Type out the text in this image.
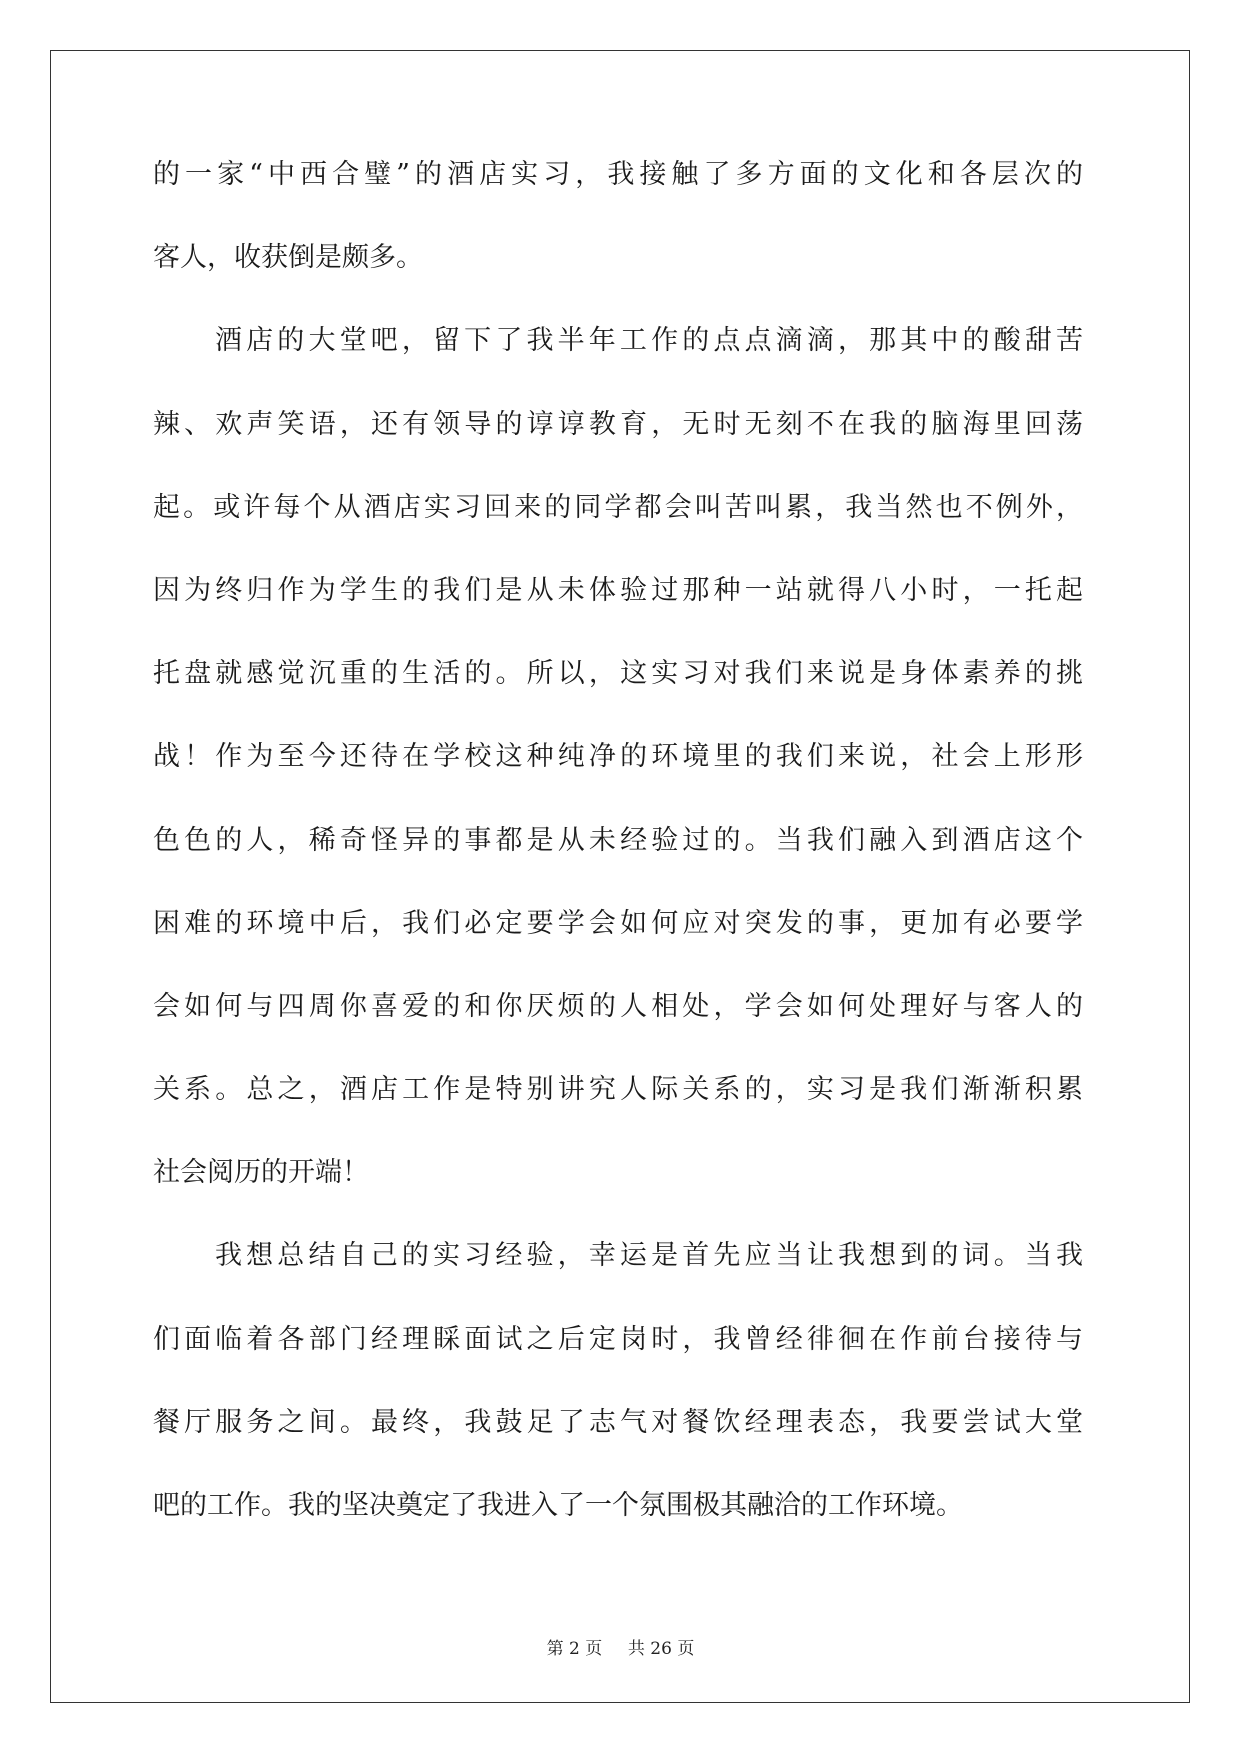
的一家“中西合璧”的酒店实习，我接触了多方面的文化和各层次的
客人，收获倒是颇多。
酒店的大堂吧，留下了我半年工作的点点滴滴，那其中的酸甜苦
辣、欢声笑语，还有领导的谆谆教育，无时无刻不在我的脑海里回荡
起。或许每个从酒店实习回来的同学都会叫苦叫累，我当然也不例外，
因为终归作为学生的我们是从未体验过那种一站就得八小时，一托起
托盘就感觉沉重的生活的。所以，这实习对我们来说是身体素养的挑
战！作为至今还待在学校这种纯净的环境里的我们来说，社会上形形
色色的人，稀奇怪异的事都是从未经验过的。当我们融入到酒店这个
困难的环境中后，我们必定要学会如何应对突发的事，更加有必要学
会如何与四周你喜爱的和你厌烦的人相处，学会如何处理好与客人的
关系。总之，酒店工作是特别讲究人际关系的，实习是我们渐渐积累
社会阅历的开端！
我想总结自己的实习经验，幸运是首先应当让我想到的词。当我
们面临着各部门经理睬面试之后定岗时，我曾经徘徊在作前台接待与
餐厅服务之间。最终，我鼓足了志气对餐饮经理表态，我要尝试大堂
吧的工作。我的坚决奠定了我进入了一个氛围极其融洽的工作环境。
第 2 页 共 26 页
